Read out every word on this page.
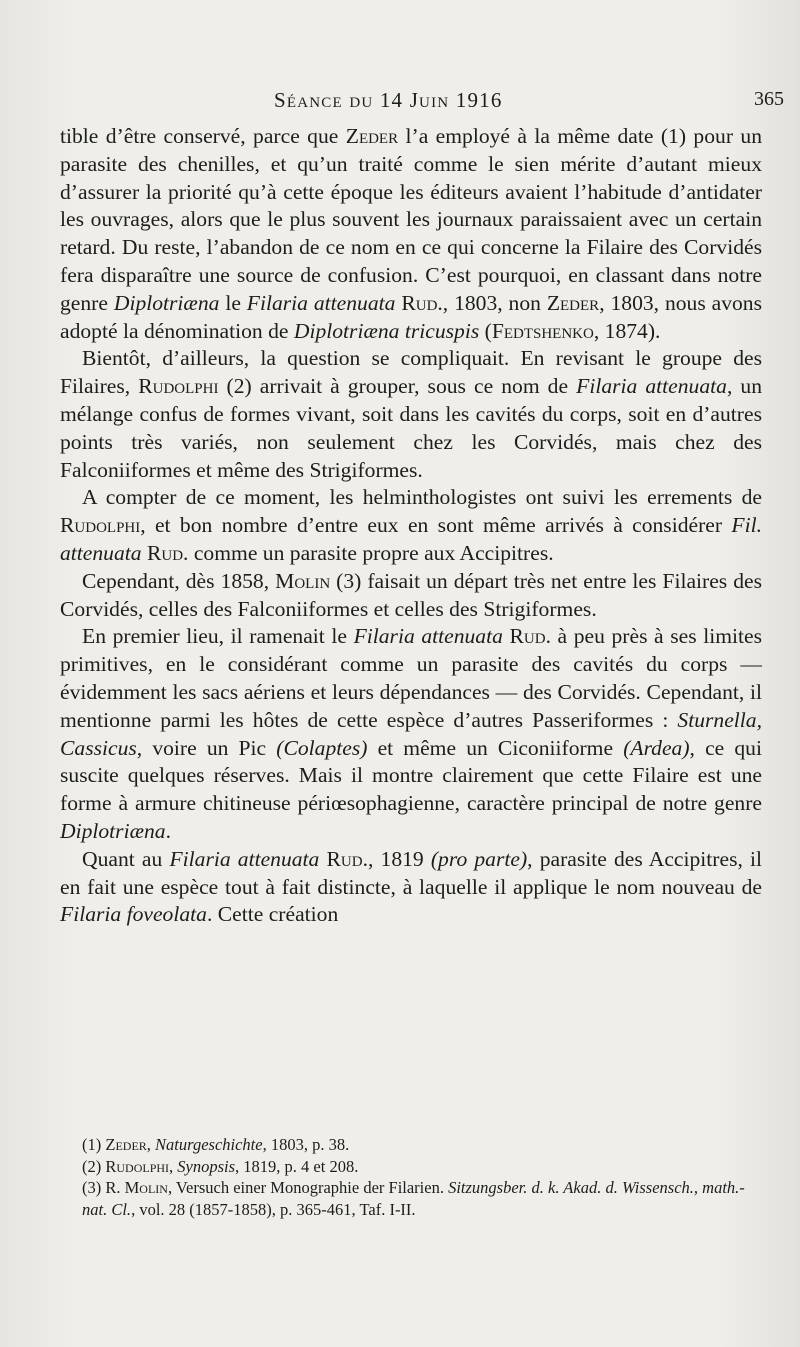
Séance du 14 Juin 1916	365

tible d’être conservé, parce que Zeder l’a employé à la même date (1) pour un parasite des chenilles, et qu’un traité comme le sien mérite d’autant mieux d’assurer la priorité qu’à cette époque les éditeurs avaient l’habitude d’antidater les ouvrages, alors que le plus souvent les journaux paraissaient avec un certain retard. Du reste, l’abandon de ce nom en ce qui concerne la Filaire des Corvidés fera disparaître une source de confusion. C’est pourquoi, en classant dans notre genre Diplotriæna le Filaria attenuata Rud., 1803, non Zeder, 1803, nous avons adopté la dénomination de Diplotriæna tricuspis (Fedtshenko, 1874).

Bientôt, d’ailleurs, la question se compliquait. En revisant le groupe des Filaires, Rudolphi (2) arrivait à grouper, sous ce nom de Filaria attenuata, un mélange confus de formes vivant, soit dans les cavités du corps, soit en d’autres points très variés, non seulement chez les Corvidés, mais chez des Falconiiformes et même des Strigiformes.

A compter de ce moment, les helminthologistes ont suivi les errements de Rudolphi, et bon nombre d’entre eux en sont même arrivés à considérer Fil. attenuata Rud. comme un parasite propre aux Accipitres.

Cependant, dès 1858, Molin (3) faisait un départ très net entre les Filaires des Corvidés, celles des Falconiiformes et celles des Strigiformes.

En premier lieu, il ramenait le Filaria attenuata Rud. à peu près à ses limites primitives, en le considérant comme un parasite des cavités du corps — évidemment les sacs aériens et leurs dépendances — des Corvidés. Cependant, il mentionne parmi les hôtes de cette espèce d’autres Passeriformes : Sturnella, Cassicus, voire un Pic (Colaptes) et même un Ciconiiforme (Ardea), ce qui suscite quelques réserves. Mais il montre clairement que cette Filaire est une forme à armure chitineuse périœsophagienne, caractère principal de notre genre Diplotriæna.

Quant au Filaria attenuata Rud., 1819 (pro parte), parasite des Accipitres, il en fait une espèce tout à fait distincte, à laquelle il applique le nom nouveau de Filaria foveolata. Cette création

(1) Zeder, Naturgeschichte, 1803, p. 38.

(2) Rudolphi, Synopsis, 1819, p. 4 et 208.

(3) R. Molin, Versuch einer Monographie der Filarien. Sitzungsber. d. k. Akad. d. Wissensch., math.-nat. Cl., vol. 28 (1857-1858), p. 365-461, Taf. I-II.
